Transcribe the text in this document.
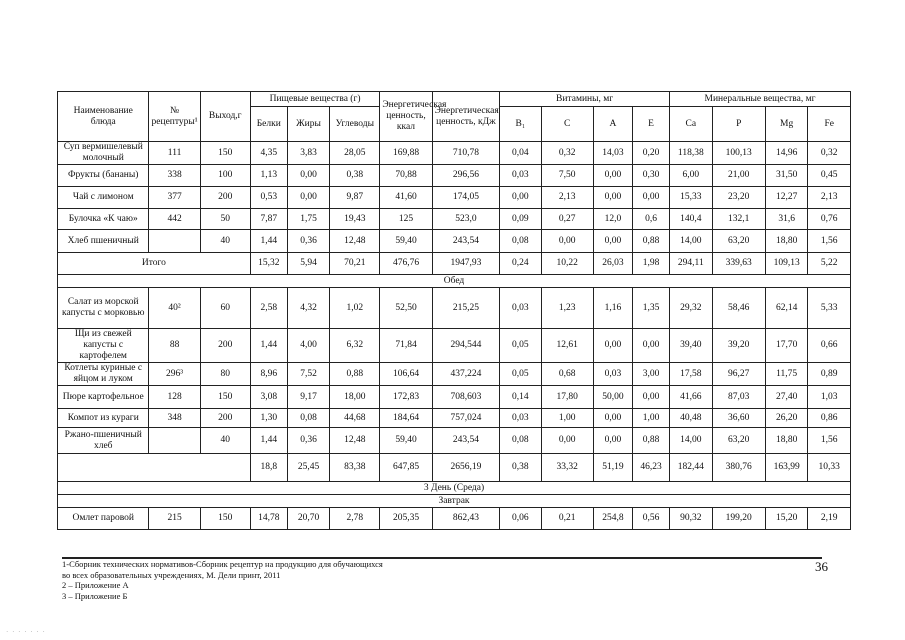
Наименование блюда	№ рецептуры¹	Выход,г	Пищевые вещества (г)			Энергетическая ценность, ккал	Энергетическая ценность, кДж	Витамины, мг				Минеральные вещества, мг			
			Белки	Жиры	Углеводы			B₁	C	A	E	Ca	P	Mg	Fe
Суп вермишелевый молочный	111	150	4,35	3,83	28,05	169,88	710,78	0,04	0,32	14,03	0,20	118,38	100,13	14,96	0,32
Фрукты (бананы)	338	100	1,13	0,00	0,38	70,88	296,56	0,03	7,50	0,00	0,30	6,00	21,00	31,50	0,45
Чай с лимоном	377	200	0,53	0,00	9,87	41,60	174,05	0,00	2,13	0,00	0,00	15,33	23,20	12,27	2,13
Булочка «К чаю»	442	50	7,87	1,75	19,43	125	523,0	0,09	0,27	12,0	0,6	140,4	132,1	31,6	0,76
Хлеб пшеничный		40	1,44	0,36	12,48	59,40	243,54	0,08	0,00	0,00	0,88	14,00	63,20	18,80	1,56
Итого			15,32	5,94	70,21	476,76	1947,93	0,24	10,22	26,03	1,98	294,11	339,63	109,13	5,22
Обед															
Салат из морской капусты с морковью	40²	60	2,58	4,32	1,02	52,50	215,25	0,03	1,23	1,16	1,35	29,32	58,46	62,14	5,33
Щи из свежей капусты с картофелем	88	200	1,44	4,00	6,32	71,84	294,544	0,05	12,61	0,00	0,00	39,40	39,20	17,70	0,66
Котлеты куриные с яйцом и луком	296³	80	8,96	7,52	0,88	106,64	437,224	0,05	0,68	0,03	3,00	17,58	96,27	11,75	0,89
Пюре картофельное	128	150	3,08	9,17	18,00	172,83	708,603	0,14	17,80	50,00	0,00	41,66	87,03	27,40	1,03
Компот из кураги	348	200	1,30	0,08	44,68	184,64	757,024	0,03	1,00	0,00	1,00	40,48	36,60	26,20	0,86
Ржано-пшеничный хлеб		40	1,44	0,36	12,48	59,40	243,54	0,08	0,00	0,00	0,88	14,00	63,20	18,80	1,56
			18,8	25,45	83,38	647,85	2656,19	0,38	33,32	51,19	46,23	182,44	380,76	163,99	10,33
3 День (Среда)															
Завтрак															
Омлет паровой	215	150	14,78	20,70	2,78	205,35	862,43	0,06	0,21	254,8	0,56	90,32	199,20	15,20	2,19
1-Сборник технических нормативов-Сборник рецептур на продукцию для обучающихся
во всех образовательных учреждениях, М. Дели принт, 2011
2 – Приложение А
3 – Приложение Б
36
· · · · · · ·
